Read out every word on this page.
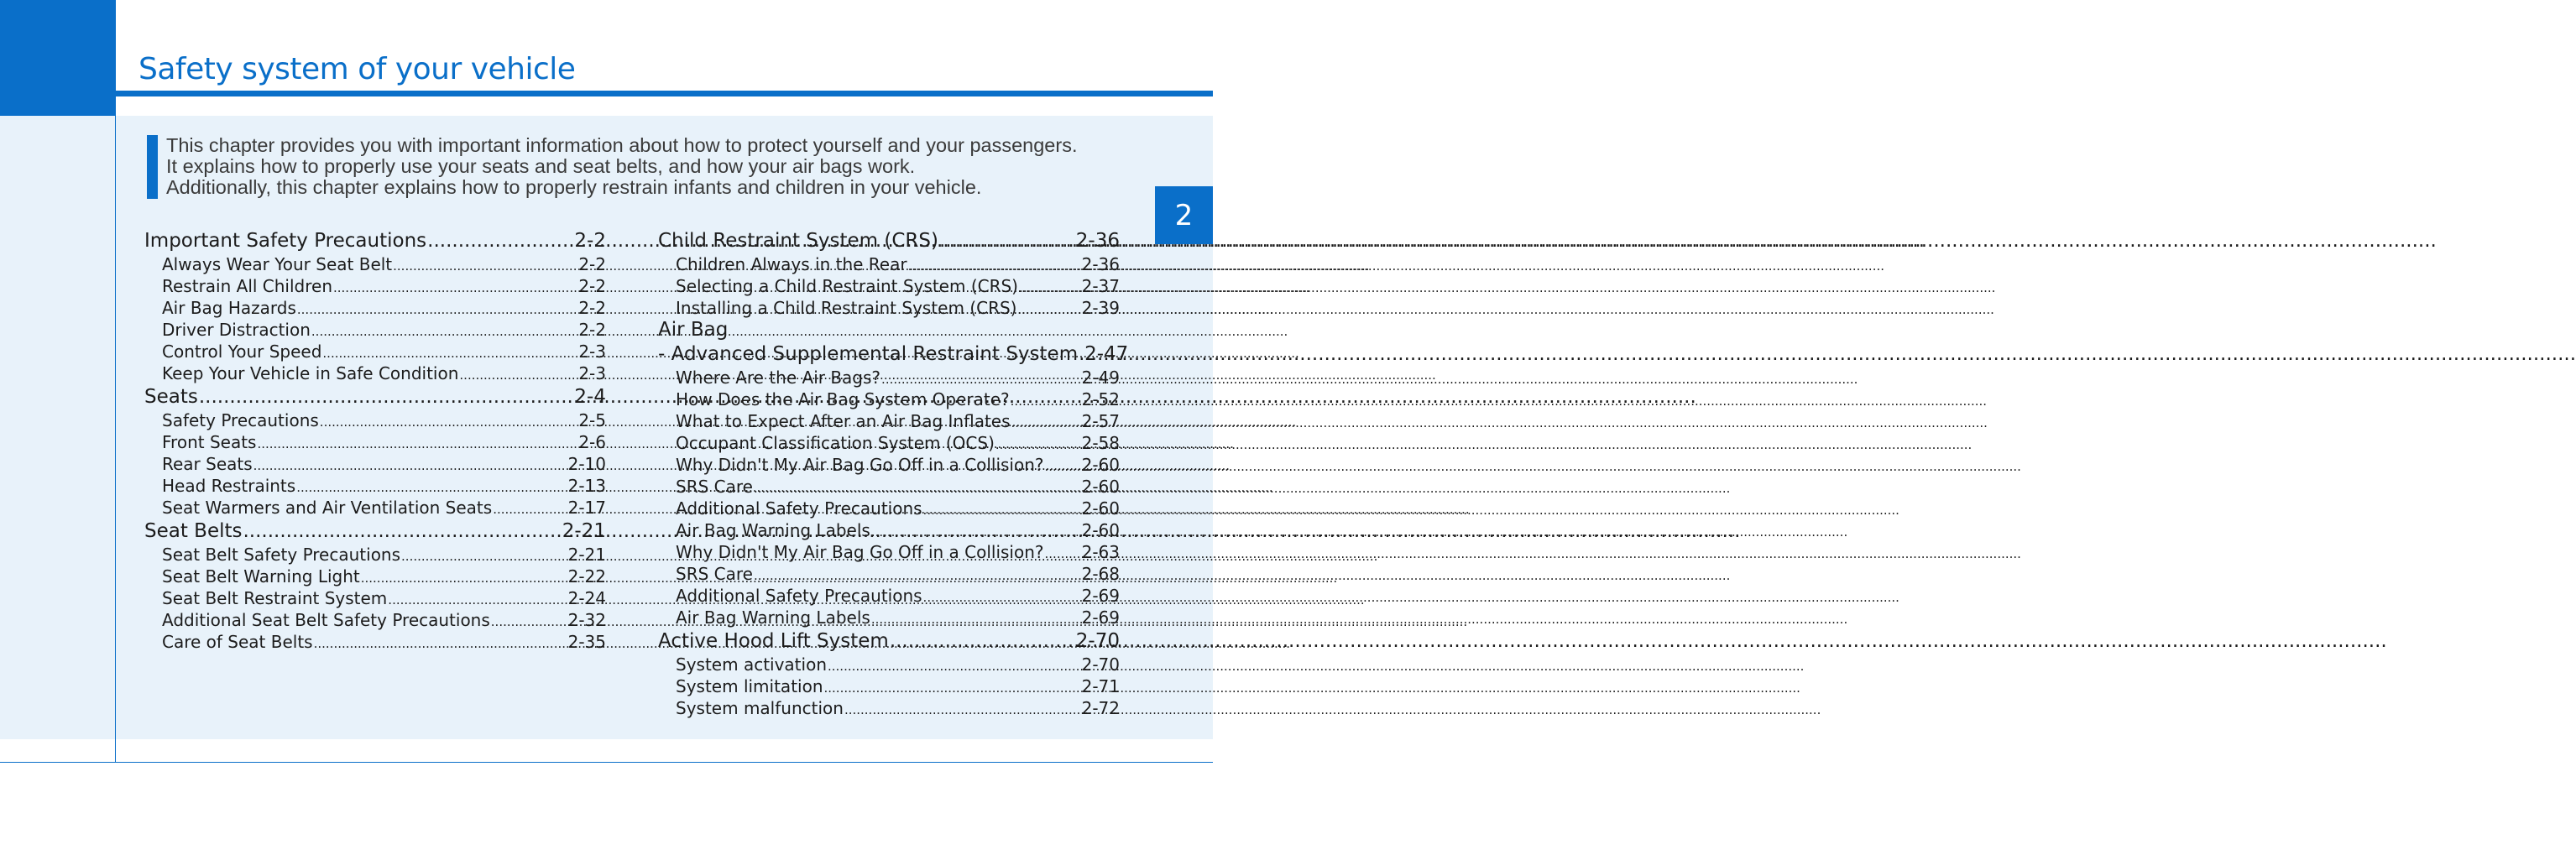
Safety system of your vehicle
2
This chapter provides you with important information about how to protect yourself and your passengers.
It explains how to properly use your seats and seat belts, and how your air bags work.
Additionally, this chapter explains how to properly restrain infants and children in your vehicle.
Important Safety Precautions .....	2-2
Always Wear Your Seat Belt .....	2-2
Restrain All Children .....	2-2
Air Bag Hazards .....	2-2
Driver Distraction .....	2-2
Control Your Speed .....	2-3
Keep Your Vehicle in Safe Condition .....	2-3
Seats .....	2-4
Safety Precautions .....	2-5
Front Seats .....	2-6
Rear Seats .....	2-10
Head Restraints .....	2-13
Seat Warmers and Air Ventilation Seats .....	2-17
Seat Belts .....	2-21
Seat Belt Safety Precautions .....	2-21
Seat Belt Warning Light .....	2-22
Seat Belt Restraint System .....	2-24
Additional Seat Belt Safety Precautions .....	2-32
Care of Seat Belts .....	2-35
Child Restraint System (CRS) .....	2-36
Children Always in the Rear .....	2-36
Selecting a Child Restraint System (CRS) .....	2-37
Installing a Child Restraint System (CRS) .....	2-39
Air Bag
- Advanced Supplemental Restraint System ..... 2-47
Where Are the Air Bags? .....	2-49
How Does the Air Bag System Operate? .....	2-52
What to Expect After an Air Bag Inflates .....	2-57
Occupant Classification System (OCS) .....	2-58
Why Didn't My Air Bag Go Off in a Collision? ..... 2-60
SRS Care .....	2-60
Additional Safety Precautions .....	2-60
Air Bag Warning Labels .....	2-60
Why Didn't My Air Bag Go Off in a Collision? ..... 2-63
SRS Care .....	2-68
Additional Safety Precautions .....	2-69
Air Bag Warning Labels .....	2-69
Active Hood Lift System .....	2-70
System activation .....	2-70
System limitation .....	2-71
System malfunction .....	2-72
